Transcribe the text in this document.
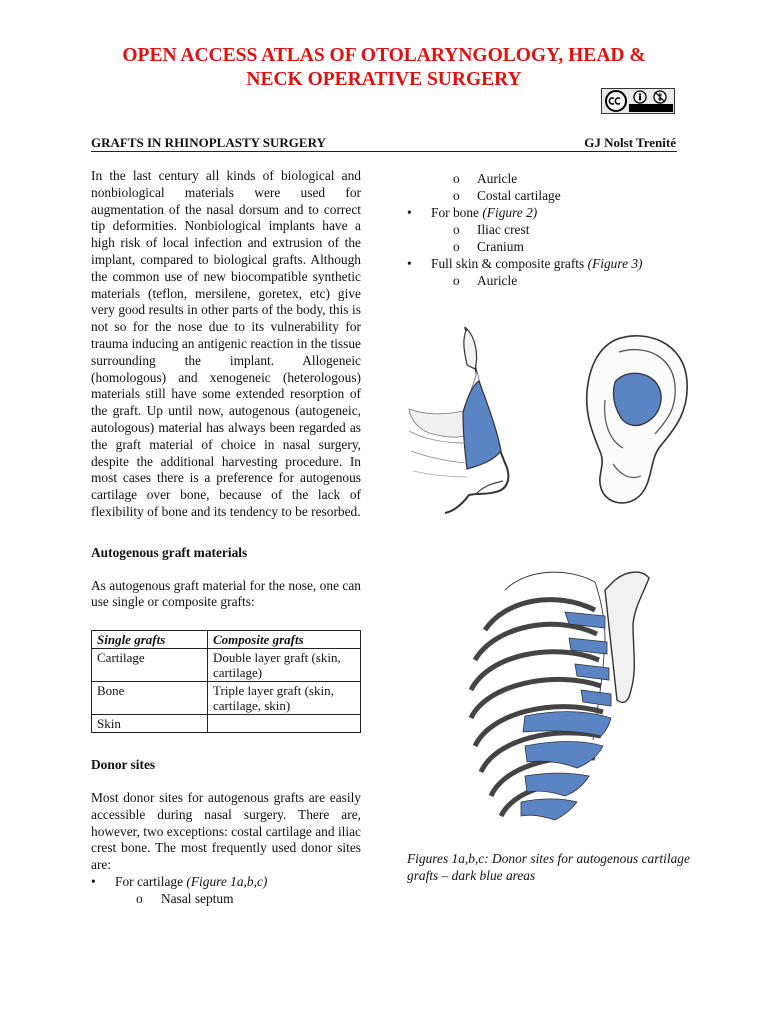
OPEN ACCESS ATLAS OF OTOLARYNGOLOGY, HEAD &
NECK OPERATIVE SURGERY
GRAFTS IN RHINOPLASTY SURGERY	GJ Nolst Trenité

In the last century all kinds of biological and nonbiological materials were used for augmentation of the nasal dorsum and to correct tip deformities. Nonbiological implants have a high risk of local infection and extrusion of the implant, compared to biological grafts. Although the common use of new biocompatible synthetic materials (teflon, mersilene, goretex, etc) give very good results in other parts of the body, this is not so for the nose due to its vulnerability for trauma inducing an antigenic reaction in the tissue surrounding the implant. Allogeneic (homologous) and xenogeneic (heterologous) materials still have some extended resorption of the graft. Up until now, autogenous (autogeneic, autologous) material has always been regarded as the graft material of choice in nasal surgery, despite the additional harvesting procedure. In most cases there is a preference for autogenous cartilage over bone, because of the lack of flexibility of bone and its tendency to be resorbed.

Autogenous graft materials

As autogenous graft material for the nose, one can use single or composite grafts:

Single grafts	Composite grafts
Cartilage	Double layer graft (skin, cartilage)
Bone	Triple layer graft (skin, cartilage, skin)
Skin	
Donor sites

Most donor sites for autogenous grafts are easily accessible during nasal surgery. There are, however, two exceptions: costal cartilage and iliac crest bone. The most frequently used donor sites are:

• For cartilage (Figure 1a,b,c)
o Nasal septum
o Auricle
o Costal cartilage
• For bone (Figure 2)
o Iliac crest
o Cranium
• Full skin & composite grafts (Figure 3)
o Auricle
Figures 1a,b,c: Donor sites for autogenous cartilage grafts – dark blue areas
